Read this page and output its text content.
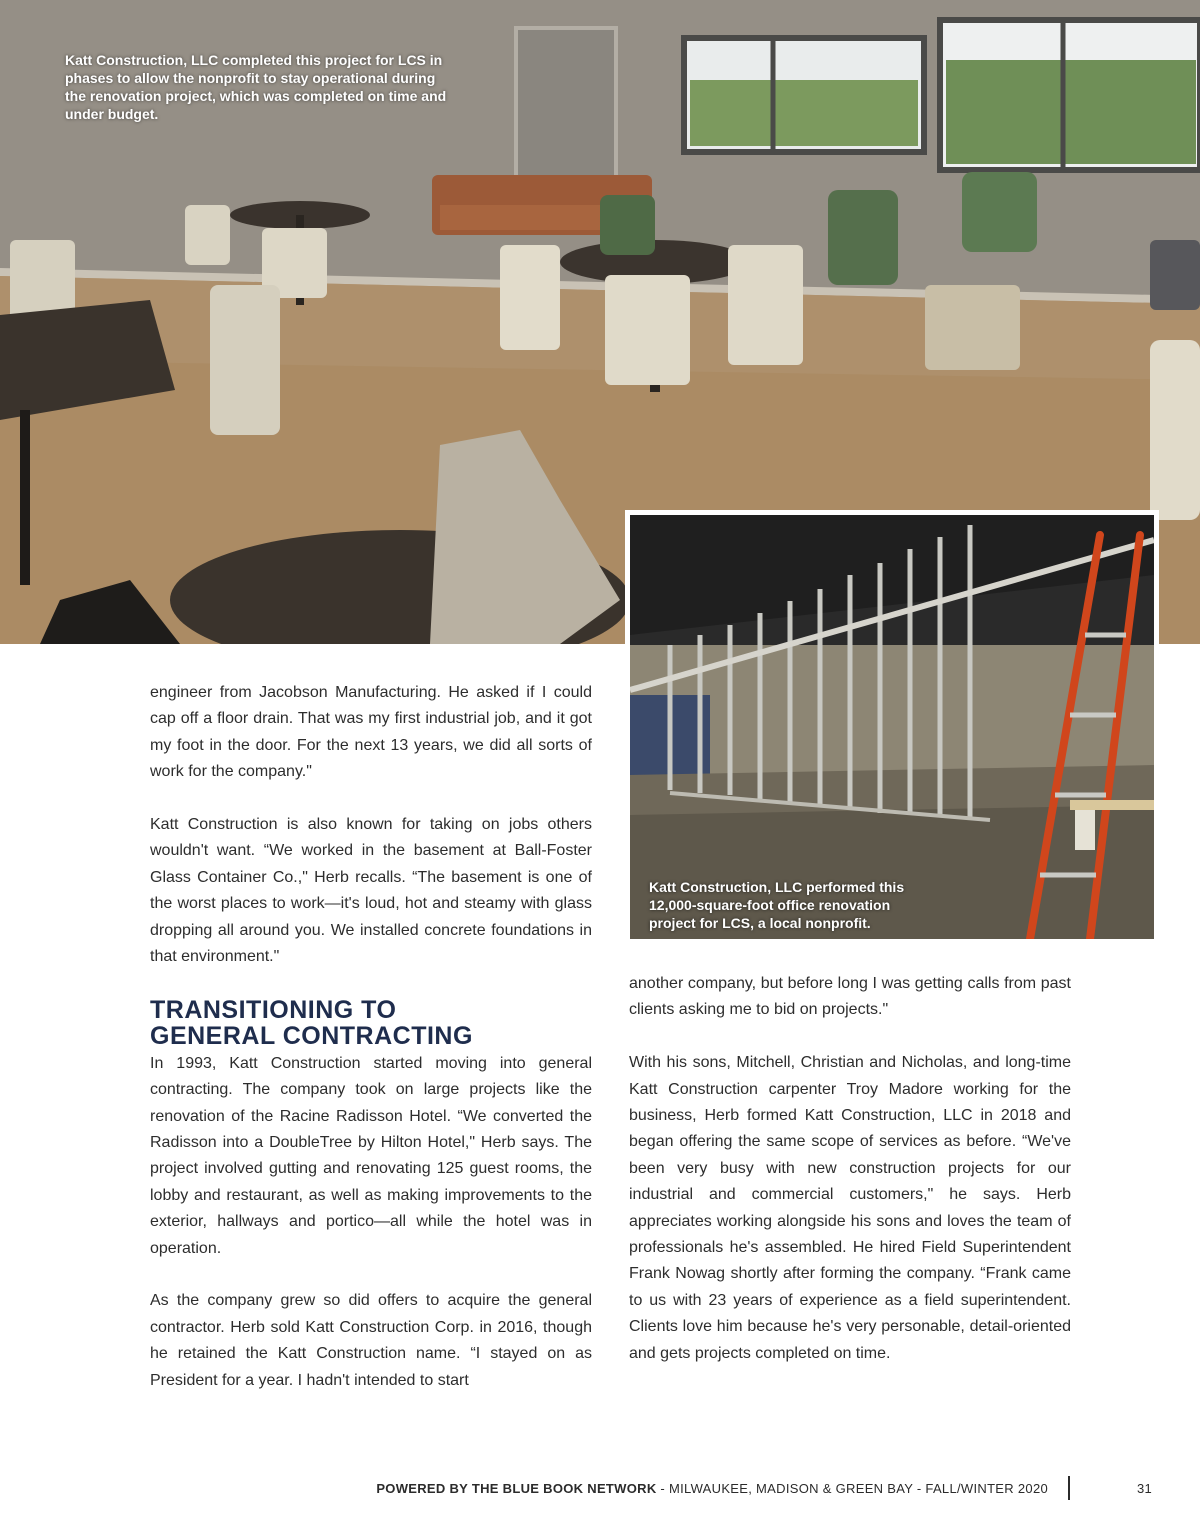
Katt Construction, LLC completed this project for LCS in phases to allow the nonprofit to stay operational during the renovation project, which was completed on time and under budget.
Katt Construction, LLC performed this 12,000-square-foot office renovation project for LCS, a local nonprofit.

engineer from Jacobson Manufacturing. He asked if I could cap off a floor drain. That was my first industrial job, and it got my foot in the door. For the next 13 years, we did all sorts of work for the company."

Katt Construction is also known for taking on jobs others wouldn't want. “We worked in the basement at Ball-Foster Glass Container Co.," Herb recalls. “The basement is one of the worst places to work—it's loud, hot and steamy with glass dropping all around you. We installed concrete foundations in that environment."

TRANSITIONING TO
GENERAL CONTRACTING

In 1993, Katt Construction started moving into general contracting. The company took on large projects like the renovation of the Racine Radisson Hotel. “We converted the Radisson into a DoubleTree by Hilton Hotel," Herb says. The project involved gutting and renovating 125 guest rooms, the lobby and restaurant, as well as making improvements to the exterior, hallways and portico—all while the hotel was in operation.

As the company grew so did offers to acquire the general contractor. Herb sold Katt Construction Corp. in 2016, though he retained the Katt Construction name. “I stayed on as President for a year. I hadn't intended to start

another company, but before long I was getting calls from past clients asking me to bid on projects."

With his sons, Mitchell, Christian and Nicholas, and long-time Katt Construction carpenter Troy Madore working for the business, Herb formed Katt Construction, LLC in 2018 and began offering the same scope of services as before. “We've been very busy with new construction projects for our industrial and commercial customers," he says. Herb appreciates working alongside his sons and loves the team of professionals he's assembled. He hired Field Superintendent Frank Nowag shortly after forming the company. “Frank came to us with 23 years of experience as a field superintendent. Clients love him because he's very personable, detail-oriented and gets projects completed on time.

POWERED BY THE BLUE BOOK NETWORK - MILWAUKEE, MADISON & GREEN BAY - FALL/WINTER 2020	31
